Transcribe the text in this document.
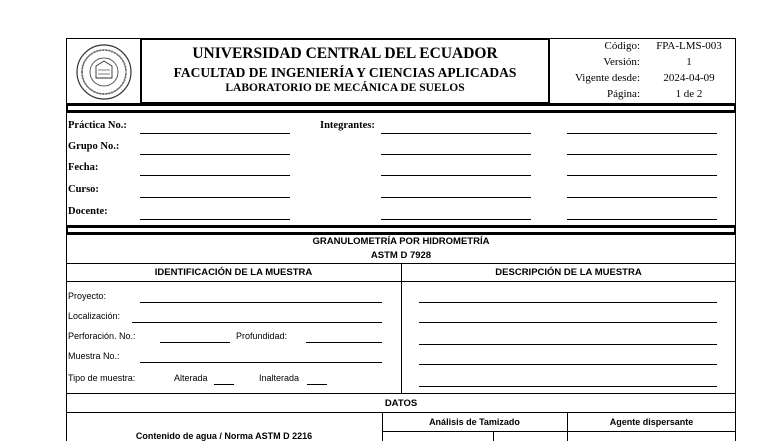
UNIVERSIDAD CENTRAL DEL ECUADOR
FACULTAD DE INGENIERÍA Y CIENCIAS APLICADAS
LABORATORIO DE MECÁNICA DE SUELOS
Código:	FPA-LMS-003
Versión:	1
Vigente desde:	2024-04-09
Página:	1 de 2
Práctica No.:
Grupo No.:
Fecha:
Curso:
Docente:
Integrantes:
GRANULOMETRÍA POR HIDROMETRÍA
ASTM D 7928
IDENTIFICACIÓN DE LA MUESTRA	DESCRIPCIÓN DE LA MUESTRA
Proyecto:
Localización:
Perforación. No.:	Profundidad:
Muestra No.:
Tipo de muestra:	Alterada	Inalterada
DATOS
Contenido de agua / Norma ASTM D 2216
Análisis de Tamizado	Agente dispersante
